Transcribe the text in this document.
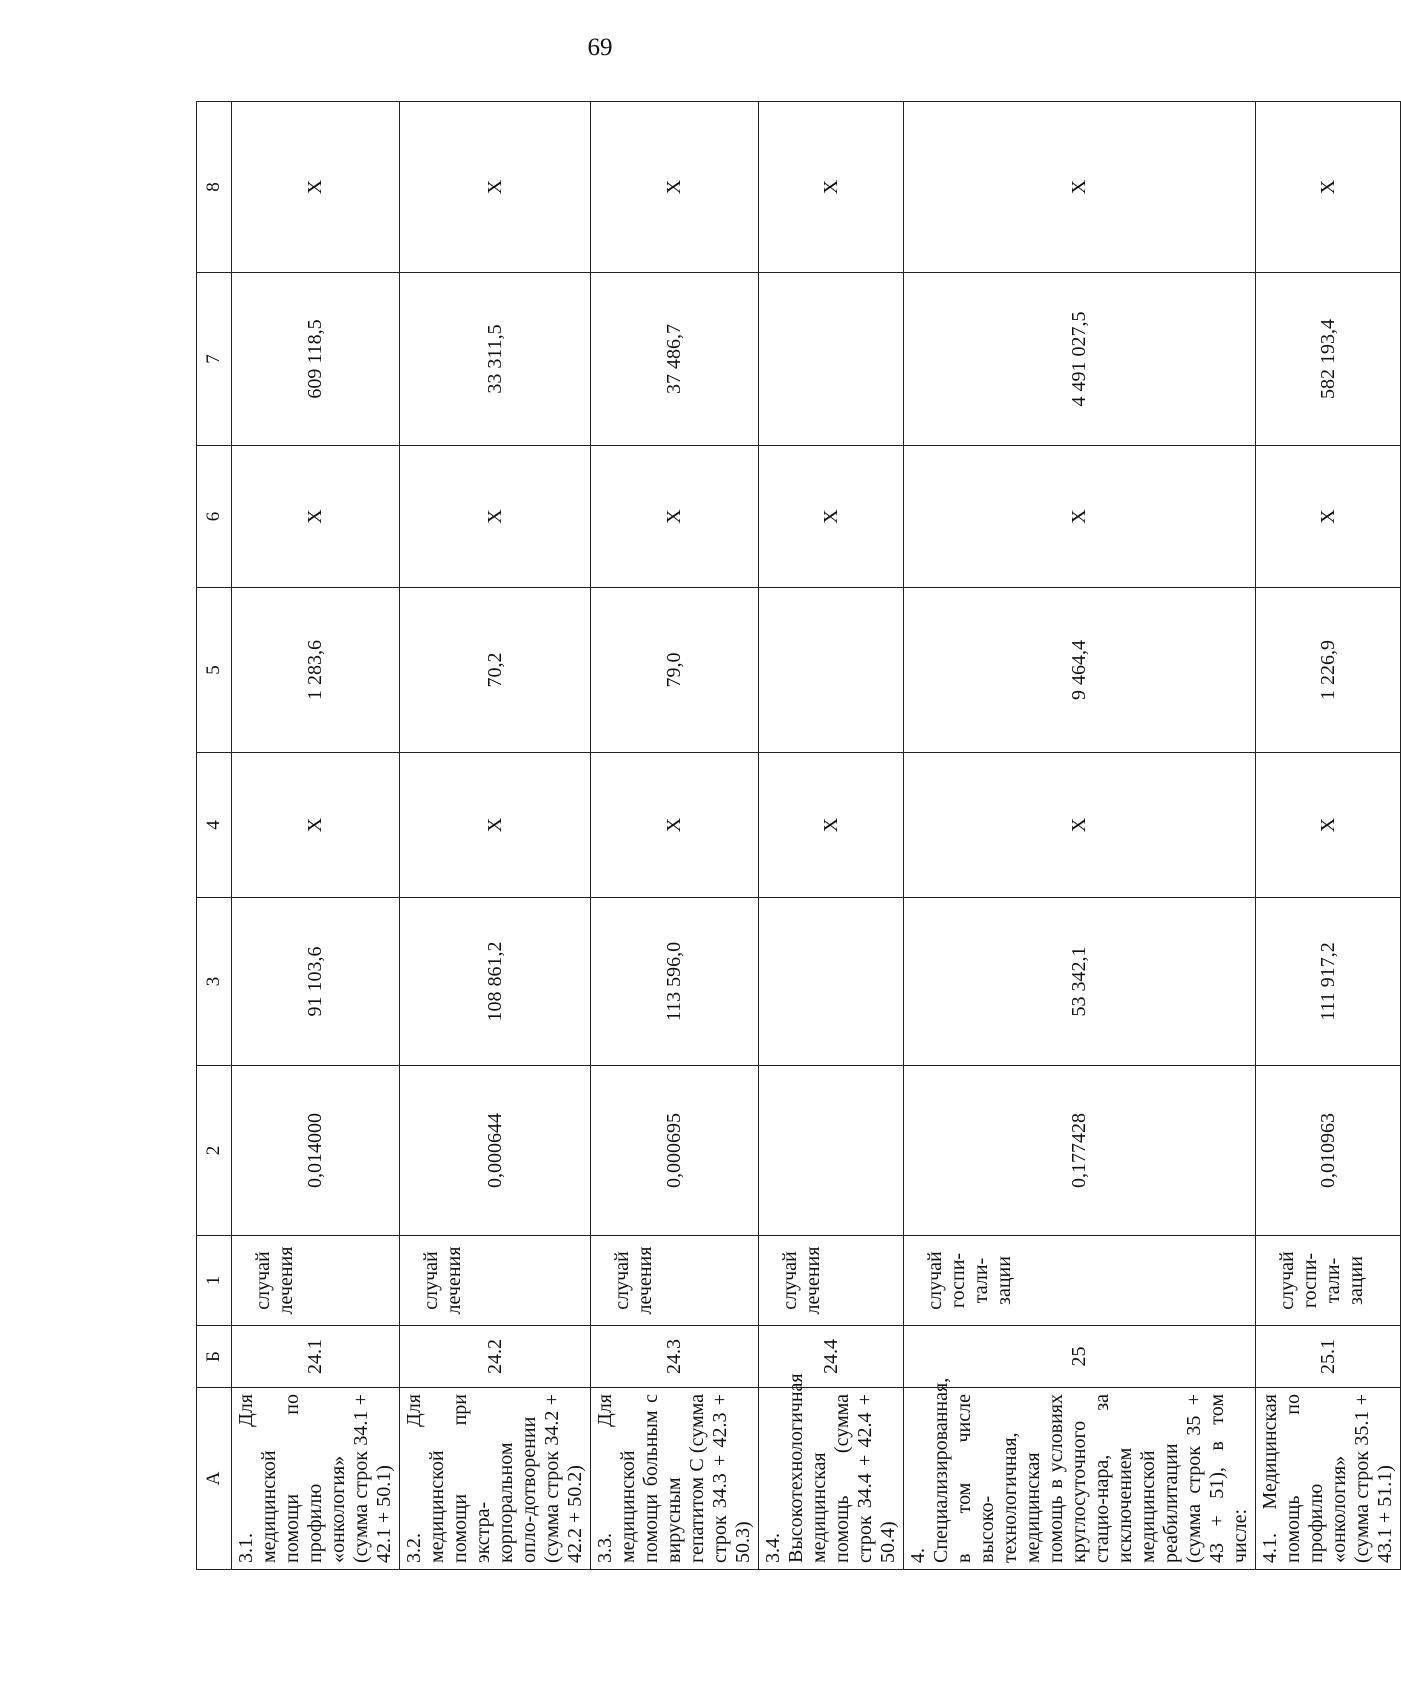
69
А	Б	1	2	3	4	5	6	7	8
3.1. Для медицинской помощи по профилю «онкология» (сумма строк 34.1 + 42.1 + 50.1)	24.1	случай лечения	0,014000	91 103,6	Х	1 283,6	Х	609 118,5	Х
3.2. Для медицинской помощи при экстра-корпоральном опло-дотворении (сумма строк 34.2 + 42.2 + 50.2)	24.2	случай лечения	0,000644	108 861,2	Х	70,2	Х	33 311,5	Х
3.3. Для медицинской помощи больным с вирусным гепатитом С (сумма строк 34.3 + 42.3 + 50.3)	24.3	случай лечения	0,000695	113 596,0	Х	79,0	Х	37 486,7	Х
3.4. Высокотехнологичная медицинская помощь (сумма строк 34.4 + 42.4 + 50.4)	24.4	случай лечения			Х		Х		Х
4. Специализированная, в том числе высоко-технологичная, медицинская помощь в условиях круглосуточного стацио-нара, за исключением медицинской реабилитации (сумма строк 35 + 43 + 51), в том числе:	25	случай госпи-тали-зации	0,177428	53 342,1	Х	9 464,4	Х	4 491 027,5	Х
4.1. Медицинская помощь по профилю «онкология» (сумма строк 35.1 + 43.1 + 51.1)	25.1	случай госпи-тали-зации	0,010963	111 917,2	Х	1 226,9	Х	582 193,4	Х
